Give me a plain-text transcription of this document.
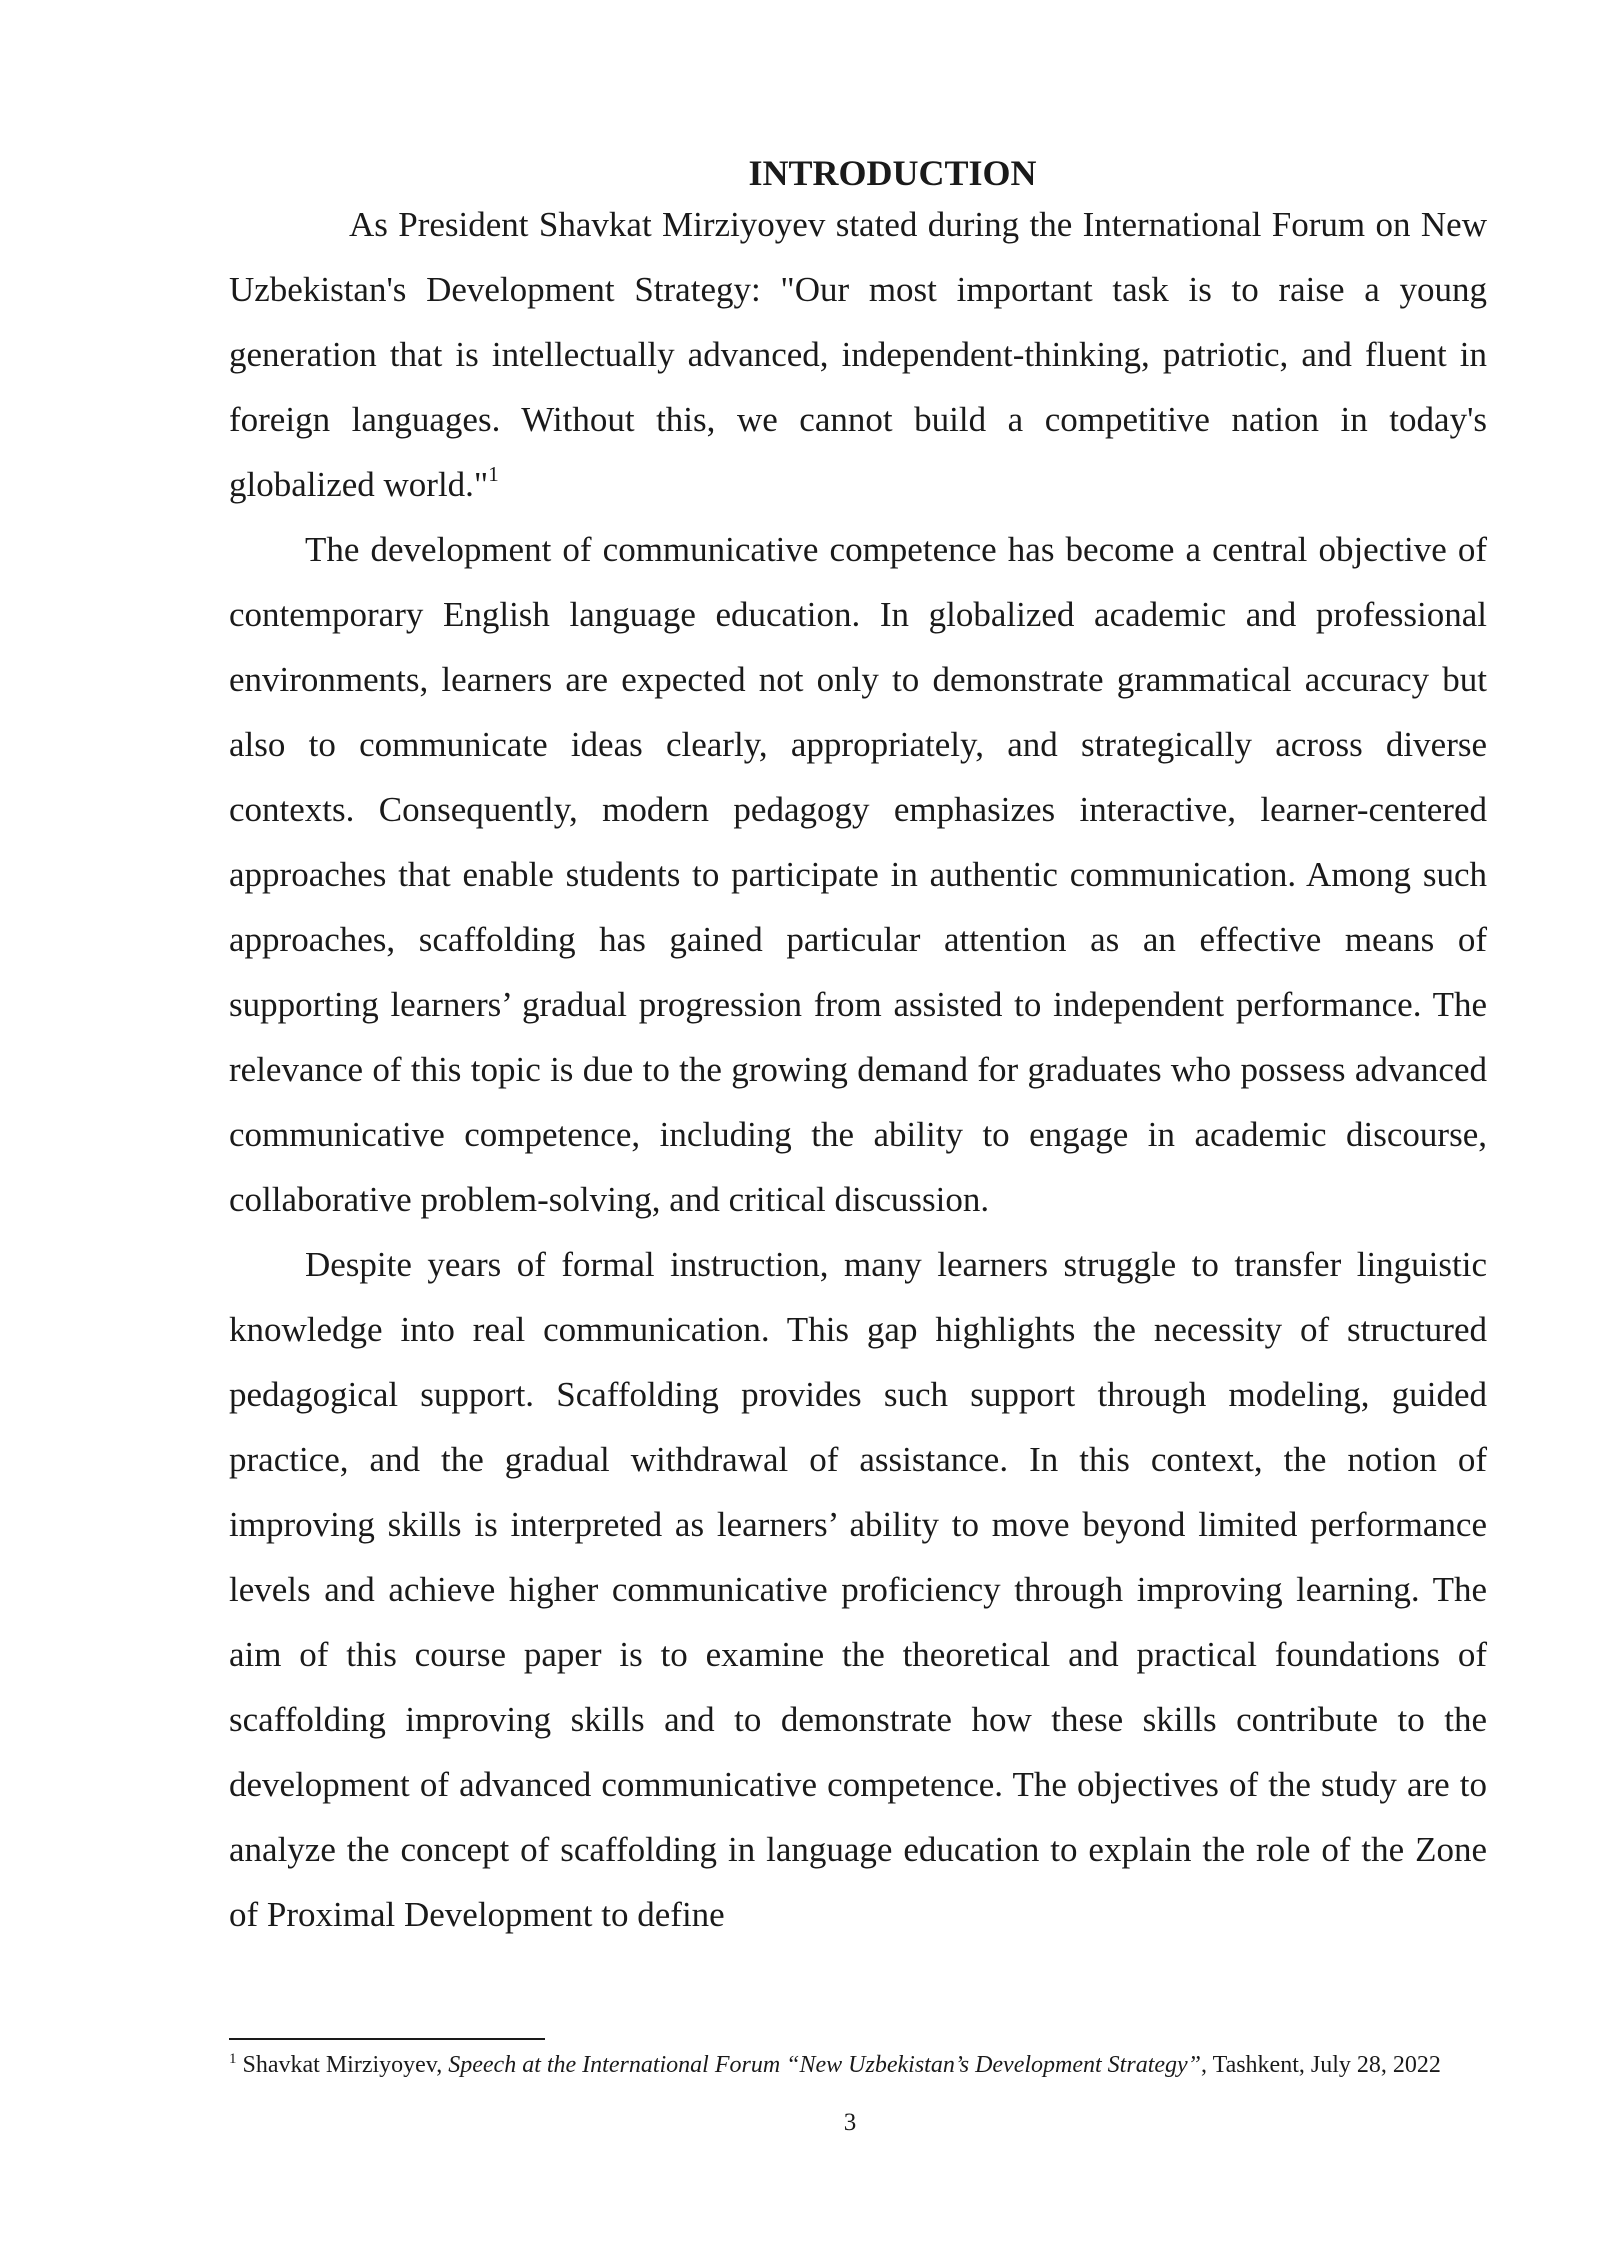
INTRODUCTION

As President Shavkat Mirziyoyev stated during the International Forum on New Uzbekistan's Development Strategy: "Our most important task is to raise a young generation that is intellectually advanced, independent-thinking, patriotic, and fluent in foreign languages. Without this, we cannot build a competitive nation in today's globalized world."$^1$

The development of communicative competence has become a central objective of contemporary English language education. In globalized academic and professional environments, learners are expected not only to demonstrate grammatical accuracy but also to communicate ideas clearly, appropriately, and strategically across diverse contexts. Consequently, modern pedagogy emphasizes interactive, learner-centered approaches that enable students to participate in authentic communication. Among such approaches, scaffolding has gained particular attention as an effective means of supporting learners’ gradual progression from assisted to independent performance. The relevance of this topic is due to the growing demand for graduates who possess advanced communicative competence, including the ability to engage in academic discourse, collaborative problem-solving, and critical discussion.

Despite years of formal instruction, many learners struggle to transfer linguistic knowledge into real communication. This gap highlights the necessity of structured pedagogical support. Scaffolding provides such support through modeling, guided practice, and the gradual withdrawal of assistance. In this context, the notion of improving skills is interpreted as learners’ ability to move beyond limited performance levels and achieve higher communicative proficiency through improving learning. The aim of this course paper is to examine the theoretical and practical foundations of scaffolding improving skills and to demonstrate how these skills contribute to the development of advanced communicative competence. The objectives of the study are to analyze the concept of scaffolding in language education to explain the role of the Zone of Proximal Development to define

$^1$ Shavkat Mirziyoyev, Speech at the International Forum “New Uzbekistan’s Development Strategy”, Tashkent, July 28, 2022

3
